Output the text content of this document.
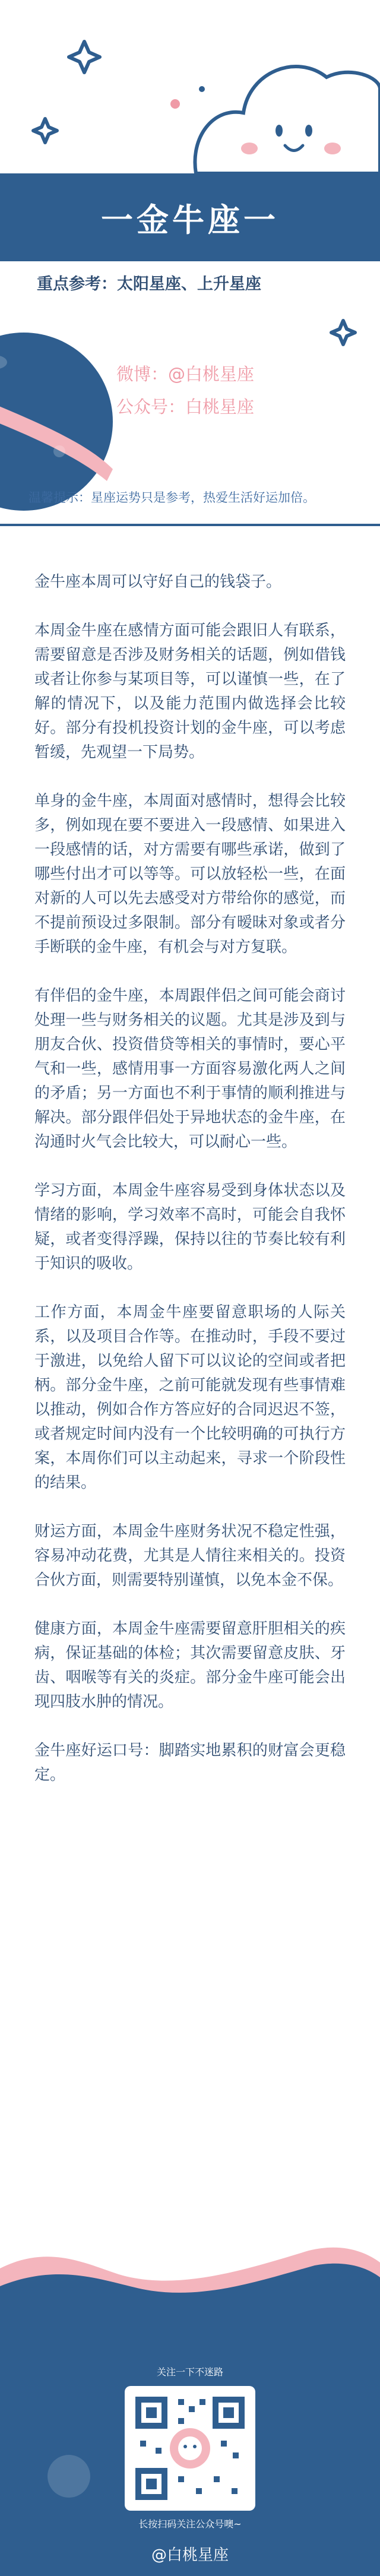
一金牛座一
重点参考：太阳星座、上升星座
微博：@白桃星座
公众号：白桃星座
温馨提示：星座运势只是参考，热爱生活好运加倍。

金牛座本周可以守好自己的钱袋子。

本周金牛座在感情方面可能会跟旧人有联系，需要留意是否涉及财务相关的话题，例如借钱或者让你参与某项目等，可以谨慎一些，在了解的情况下，以及能力范围内做选择会比较好。部分有投机投资计划的金牛座，可以考虑暂缓，先观望一下局势。

单身的金牛座，本周面对感情时，想得会比较多，例如现在要不要进入一段感情、如果进入一段感情的话，对方需要有哪些承诺，做到了哪些付出才可以等等。可以放轻松一些，在面对新的人可以先去感受对方带给你的感觉，而不提前预设过多限制。部分有暧昧对象或者分手断联的金牛座，有机会与对方复联。

有伴侣的金牛座，本周跟伴侣之间可能会商讨处理一些与财务相关的议题。尤其是涉及到与朋友合伙、投资借贷等相关的事情时，要心平气和一些，感情用事一方面容易激化两人之间的矛盾；另一方面也不利于事情的顺利推进与解决。部分跟伴侣处于异地状态的金牛座，在沟通时火气会比较大，可以耐心一些。

学习方面，本周金牛座容易受到身体状态以及情绪的影响，学习效率不高时，可能会自我怀疑，或者变得浮躁，保持以往的节奏比较有利于知识的吸收。

工作方面，本周金牛座要留意职场的人际关系，以及项目合作等。在推动时，手段不要过于激进，以免给人留下可以议论的空间或者把柄。部分金牛座，之前可能就发现有些事情难以推动，例如合作方答应好的合同迟迟不签，或者规定时间内没有一个比较明确的可执行方案，本周你们可以主动起来，寻求一个阶段性的结果。

财运方面，本周金牛座财务状况不稳定性强，容易冲动花费，尤其是人情往来相关的。投资合伙方面，则需要特别谨慎，以免本金不保。

健康方面，本周金牛座需要留意肝胆相关的疾病，保证基础的体检；其次需要留意皮肤、牙齿、咽喉等有关的炎症。部分金牛座可能会出现四肢水肿的情况。

金牛座好运口号：脚踏实地累积的财富会更稳定。

关注一下不迷路
长按扫码关注公众号噢~
@白桃星座
